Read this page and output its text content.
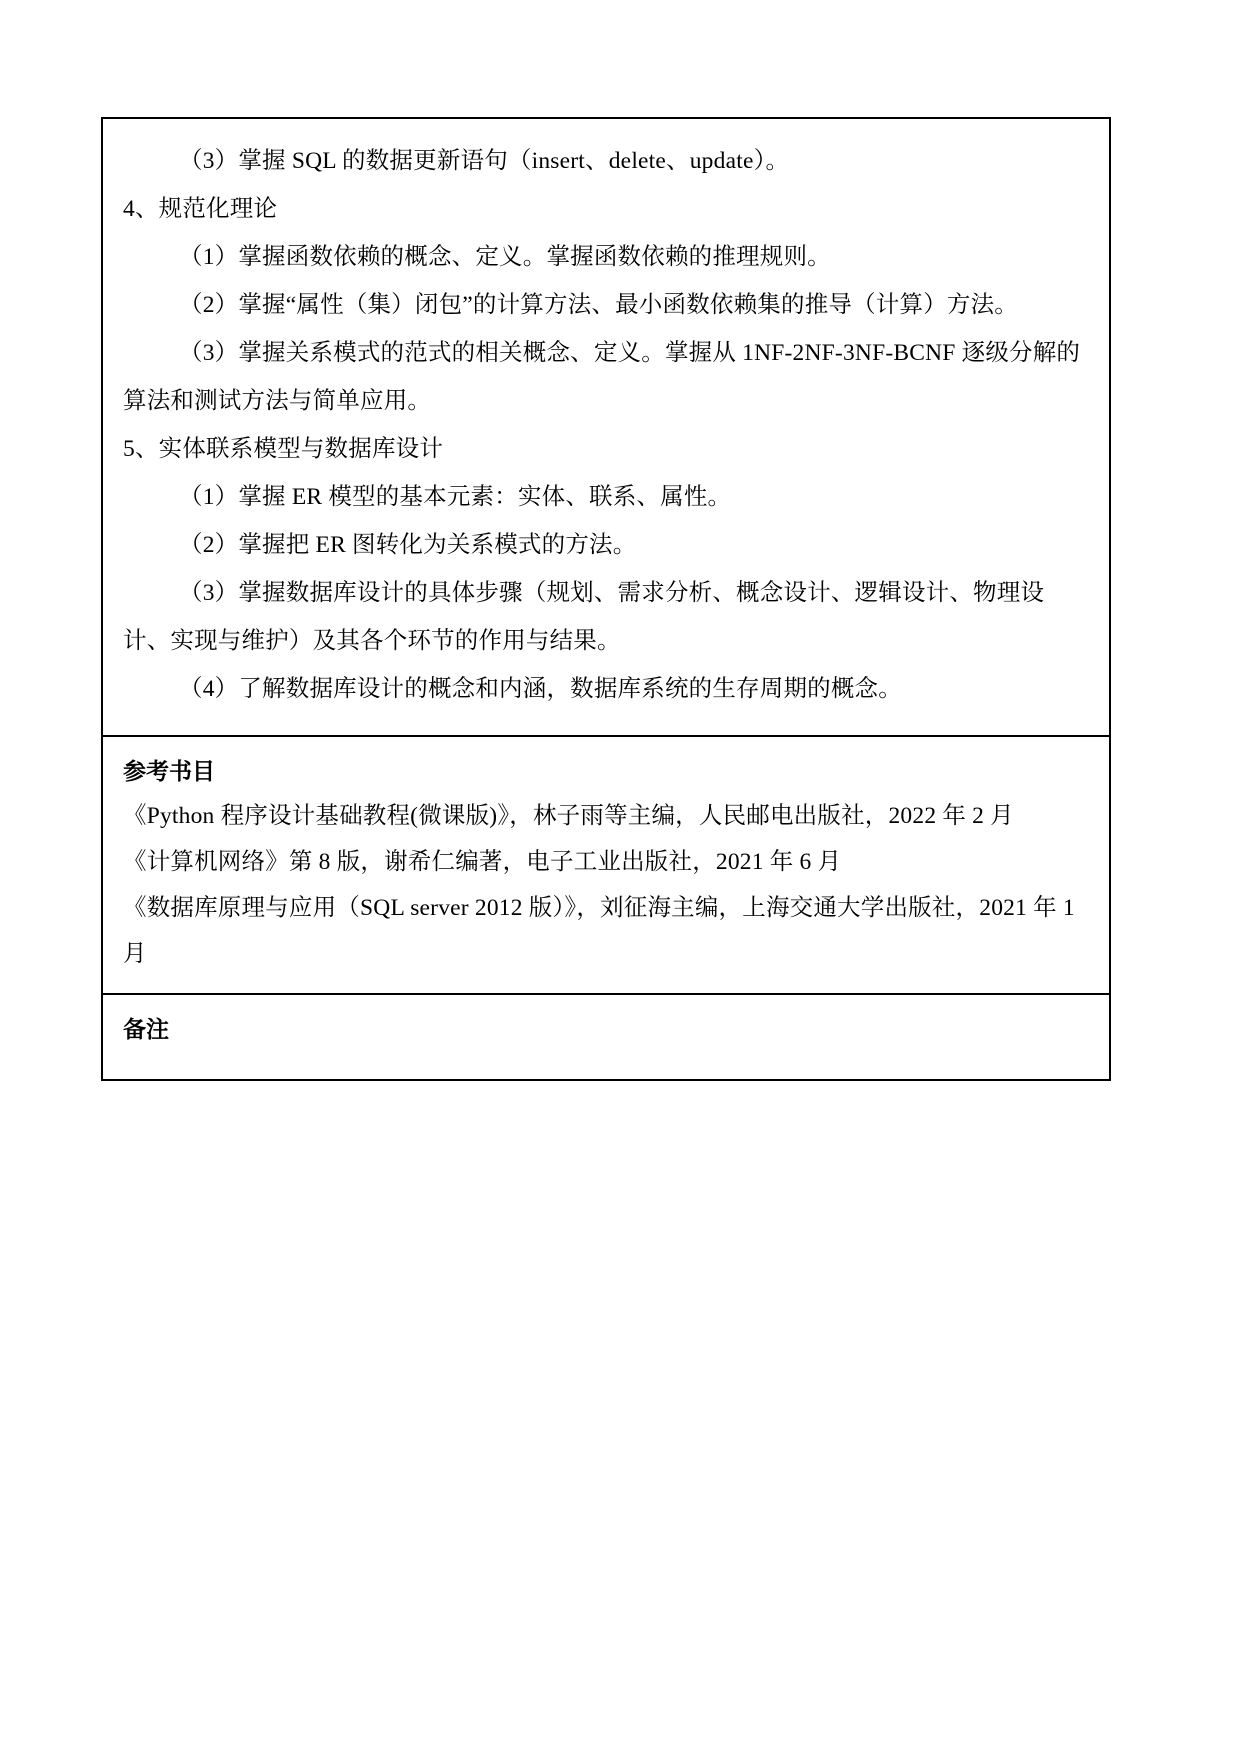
（3）掌握 SQL 的数据更新语句（insert、delete、update）。
4、规范化理论
（1）掌握函数依赖的概念、定义。掌握函数依赖的推理规则。
（2）掌握“属性（集）闭包”的计算方法、最小函数依赖集的推导（计算）方法。
（3）掌握关系模式的范式的相关概念、定义。掌握从 1NF-2NF-3NF-BCNF 逐级分解的算法和测试方法与简单应用。
5、实体联系模型与数据库设计
（1）掌握 ER 模型的基本元素：实体、联系、属性。
（2）掌握把 ER 图转化为关系模式的方法。
（3）掌握数据库设计的具体步骤（规划、需求分析、概念设计、逻辑设计、物理设计、实现与维护）及其各个环节的作用与结果。
（4）了解数据库设计的概念和内涵，数据库系统的生存周期的概念。
参考书目
《Python 程序设计基础教程(微课版)》，林子雨等主编，人民邮电出版社，2022 年 2 月
《计算机网络》第 8 版，谢希仁编著，电子工业出版社，2021 年 6 月
《数据库原理与应用（SQL server 2012 版）》，刘征海主编，上海交通大学出版社，2021 年 1 月
备注
